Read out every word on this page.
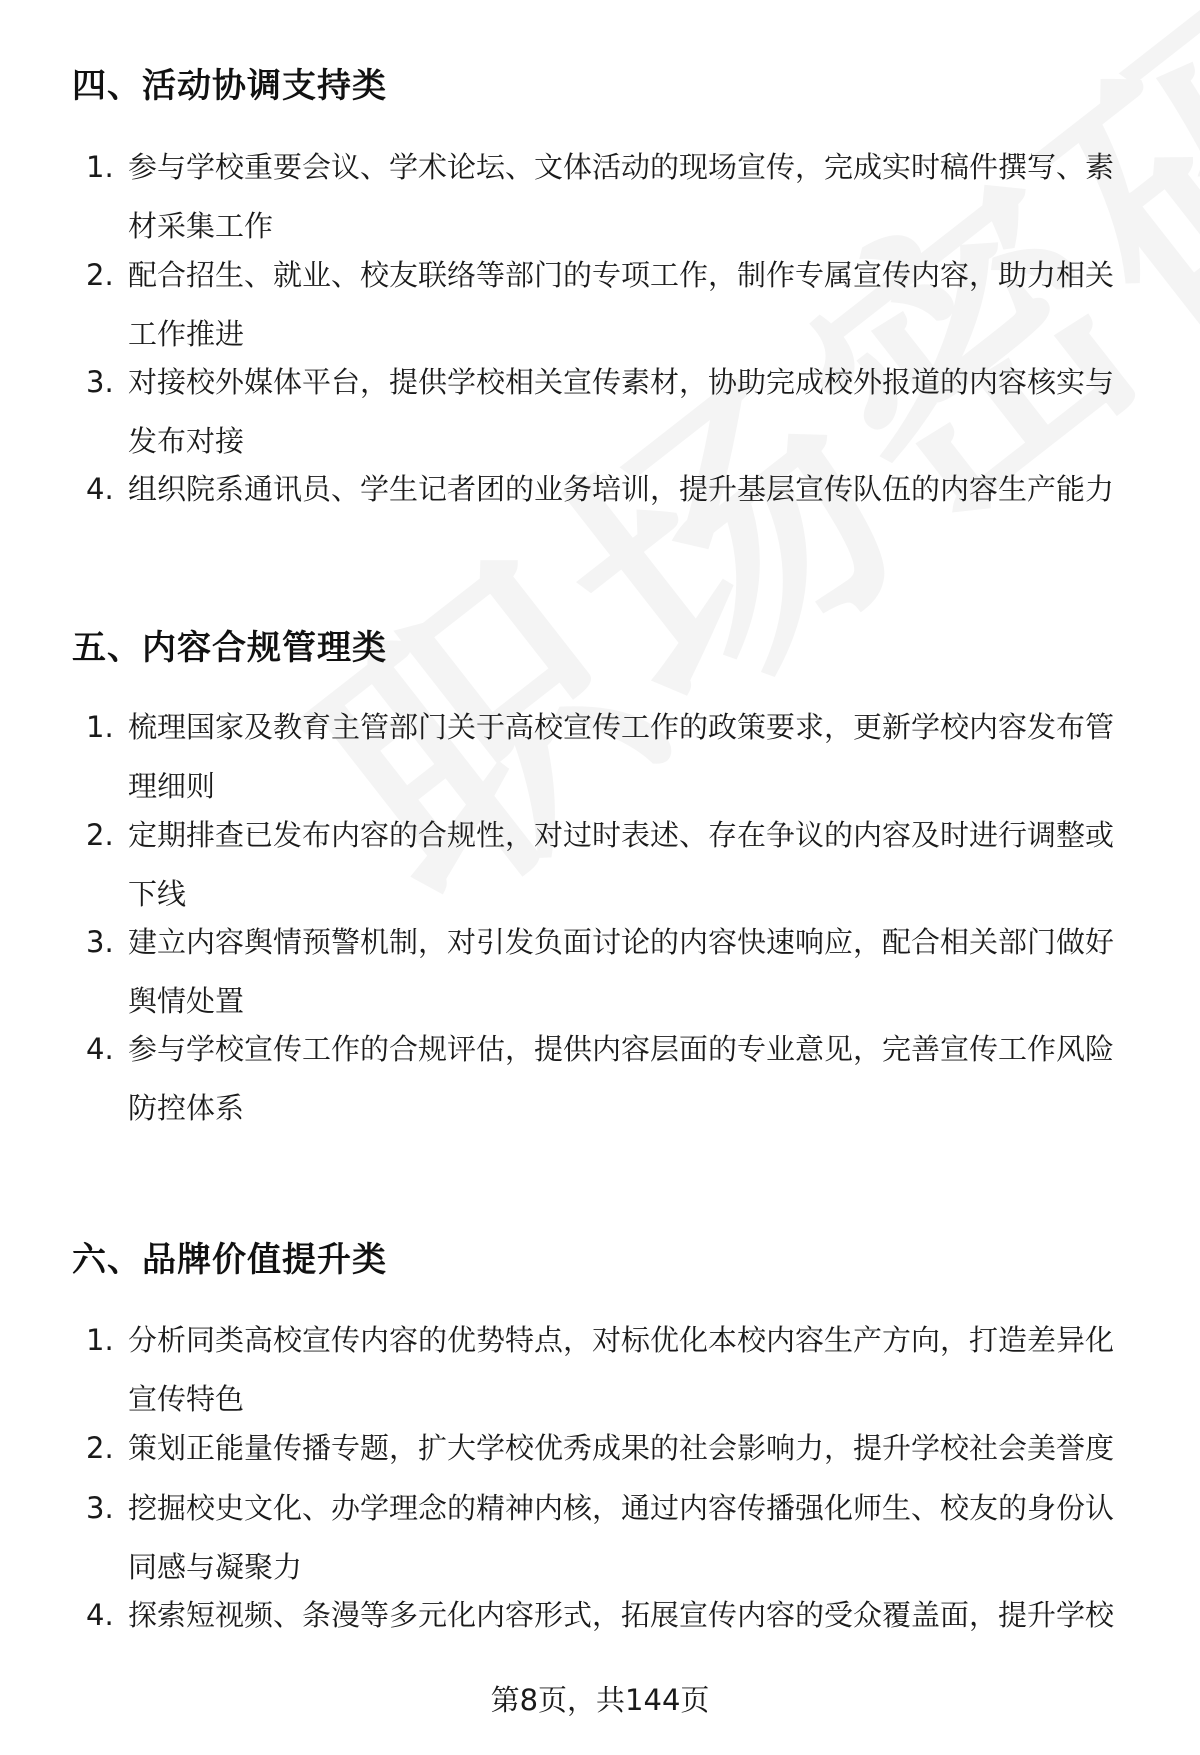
四、活动协调支持类
1. 参与学校重要会议、学术论坛、文体活动的现场宣传，完成实时稿件撰写、素材采集工作
2. 配合招生、就业、校友联络等部门的专项工作，制作专属宣传内容，助力相关工作推进
3. 对接校外媒体平台，提供学校相关宣传素材，协助完成校外报道的内容核实与发布对接
4. 组织院系通讯员、学生记者团的业务培训，提升基层宣传队伍的内容生产能力
五、内容合规管理类
1. 梳理国家及教育主管部门关于高校宣传工作的政策要求，更新学校内容发布管理细则
2. 定期排查已发布内容的合规性，对过时表述、存在争议的内容及时进行调整或下线
3. 建立内容舆情预警机制，对引发负面讨论的内容快速响应，配合相关部门做好舆情处置
4. 参与学校宣传工作的合规评估，提供内容层面的专业意见，完善宣传工作风险防控体系
六、品牌价值提升类
1. 分析同类高校宣传内容的优势特点，对标优化本校内容生产方向，打造差异化宣传特色
2. 策划正能量传播专题，扩大学校优秀成果的社会影响力，提升学校社会美誉度
3. 挖掘校史文化、办学理念的精神内核，通过内容传播强化师生、校友的身份认同感与凝聚力
4. 探索短视频、条漫等多元化内容形式，拓展宣传内容的受众覆盖面，提升学校
第8页，共144页
